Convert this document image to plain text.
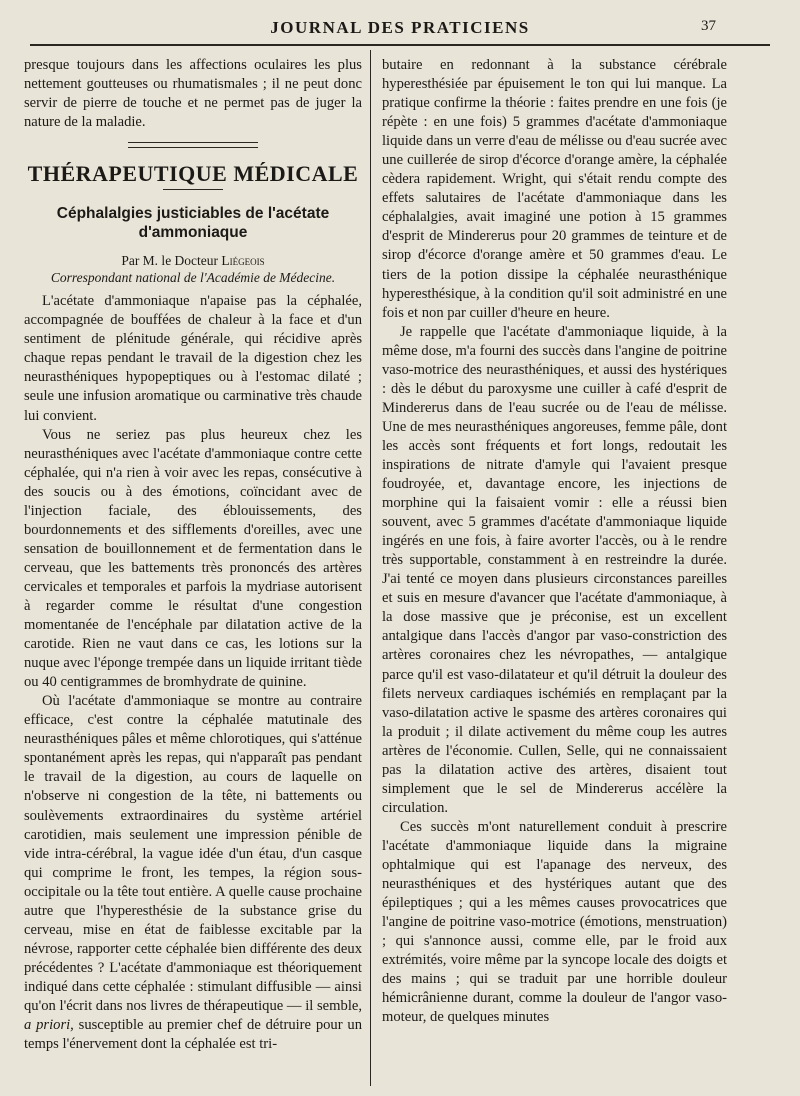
JOURNAL DES PRATICIENS	37

presque toujours dans les affections oculaires les plus nettement goutteuses ou rhumatismales ; il ne peut donc servir de pierre de touche et ne permet pas de juger la nature de la maladie.

THÉRAPEUTIQUE MÉDICALE
Céphalalgies justiciables de l'acétate
d'ammoniaque
Par M. le Docteur Liégeois
Correspondant national de l'Académie de Médecine.

L'acétate d'ammoniaque n'apaise pas la céphalée, accompagnée de bouffées de chaleur à la face et d'un sentiment de plénitude générale, qui récidive après chaque repas pendant le travail de la digestion chez les neurasthéniques hypopeptiques ou à l'estomac dilaté ; seule une infusion aromatique ou carminative très chaude lui convient.

Vous ne seriez pas plus heureux chez les neurasthéniques avec l'acétate d'ammoniaque contre cette céphalée, qui n'a rien à voir avec les repas, consécutive à des soucis ou à des émotions, coïncidant avec de l'injection faciale, des éblouissements, des bourdonnements et des sifflements d'oreilles, avec une sensation de bouillonnement et de fermentation dans le cerveau, que les battements très prononcés des artères cervicales et temporales et parfois la mydriase autorisent à regarder comme le résultat d'une congestion momentanée de l'encéphale par dilatation active de la carotide. Rien ne vaut dans ce cas, les lotions sur la nuque avec l'éponge trempée dans un liquide irritant tiède ou 40 centigrammes de bromhydrate de quinine.

Où l'acétate d'ammoniaque se montre au contraire efficace, c'est contre la céphalée matutinale des neurasthéniques pâles et même chlorotiques, qui s'atténue spontanément après les repas, qui n'apparaît pas pendant le travail de la digestion, au cours de laquelle on n'observe ni congestion de la tête, ni battements ou soulèvements extraordinaires du système artériel carotidien, mais seulement une impression pénible de vide intra-cérébral, la vague idée d'un étau, d'un casque qui comprime le front, les tempes, la région sous-occipitale ou la tête tout entière. A quelle cause prochaine autre que l'hyperesthésie de la substance grise du cerveau, mise en état de faiblesse excitable par la névrose, rapporter cette céphalée bien différente des deux précédentes ? L'acétate d'ammoniaque est théoriquement indiqué dans cette céphalée : stimulant diffusible — ainsi qu'on l'écrit dans nos livres de thérapeutique — il semble, a priori, susceptible au premier chef de détruire pour un temps l'énervement dont la céphalée est tri-

butaire en redonnant à la substance cérébrale hyperesthésiée par épuisement le ton qui lui manque. La pratique confirme la théorie : faites prendre en une fois (je répète : en une fois) 5 grammes d'acétate d'ammoniaque liquide dans un verre d'eau de mélisse ou d'eau sucrée avec une cuillerée de sirop d'écorce d'orange amère, la céphalée cèdera rapidement. Wright, qui s'était rendu compte des effets salutaires de l'acétate d'ammoniaque dans les céphalalgies, avait imaginé une potion à 15 grammes d'esprit de Mindererus pour 20 grammes de teinture et de sirop d'écorce d'orange amère et 50 grammes d'eau. Le tiers de la potion dissipe la céphalée neurasthénique hyperesthésique, à la condition qu'il soit administré en une fois et non par cuiller d'heure en heure.

Je rappelle que l'acétate d'ammoniaque liquide, à la même dose, m'a fourni des succès dans l'angine de poitrine vaso-motrice des neurasthéniques, et aussi des hystériques : dès le début du paroxysme une cuiller à café d'esprit de Mindererus dans de l'eau sucrée ou de l'eau de mélisse. Une de mes neurasthéniques angoreuses, femme pâle, dont les accès sont fréquents et fort longs, redoutait les inspirations de nitrate d'amyle qui l'avaient presque foudroyée, et, davantage encore, les injections de morphine qui la faisaient vomir : elle a réussi bien souvent, avec 5 grammes d'acétate d'ammoniaque liquide ingérés en une fois, à faire avorter l'accès, ou à le rendre très supportable, constamment à en restreindre la durée. J'ai tenté ce moyen dans plusieurs circonstances pareilles et suis en mesure d'avancer que l'acétate d'ammoniaque, à la dose massive que je préconise, est un excellent antalgique dans l'accès d'angor par vaso-constriction des artères coronaires chez les névropathes, — antalgique parce qu'il est vaso-dilatateur et qu'il détruit la douleur des filets nerveux cardiaques ischémiés en remplaçant par la vaso-dilatation active le spasme des artères coronaires qui la produit ; il dilate activement du même coup les autres artères de l'économie. Cullen, Selle, qui ne connaissaient pas la dilatation active des artères, disaient tout simplement que le sel de Mindererus accélère la circulation.

Ces succès m'ont naturellement conduit à prescrire l'acétate d'ammoniaque liquide dans la migraine ophtalmique qui est l'apanage des nerveux, des neurasthéniques et des hystériques autant que des épileptiques ; qui a les mêmes causes provocatrices que l'angine de poitrine vaso-motrice (émotions, menstruation) ; qui s'annonce aussi, comme elle, par le froid aux extrémités, voire même par la syncope locale des doigts et des mains ; qui se traduit par une horrible douleur hémicrânienne durant, comme la douleur de l'angor vaso-moteur, de quelques minutes
